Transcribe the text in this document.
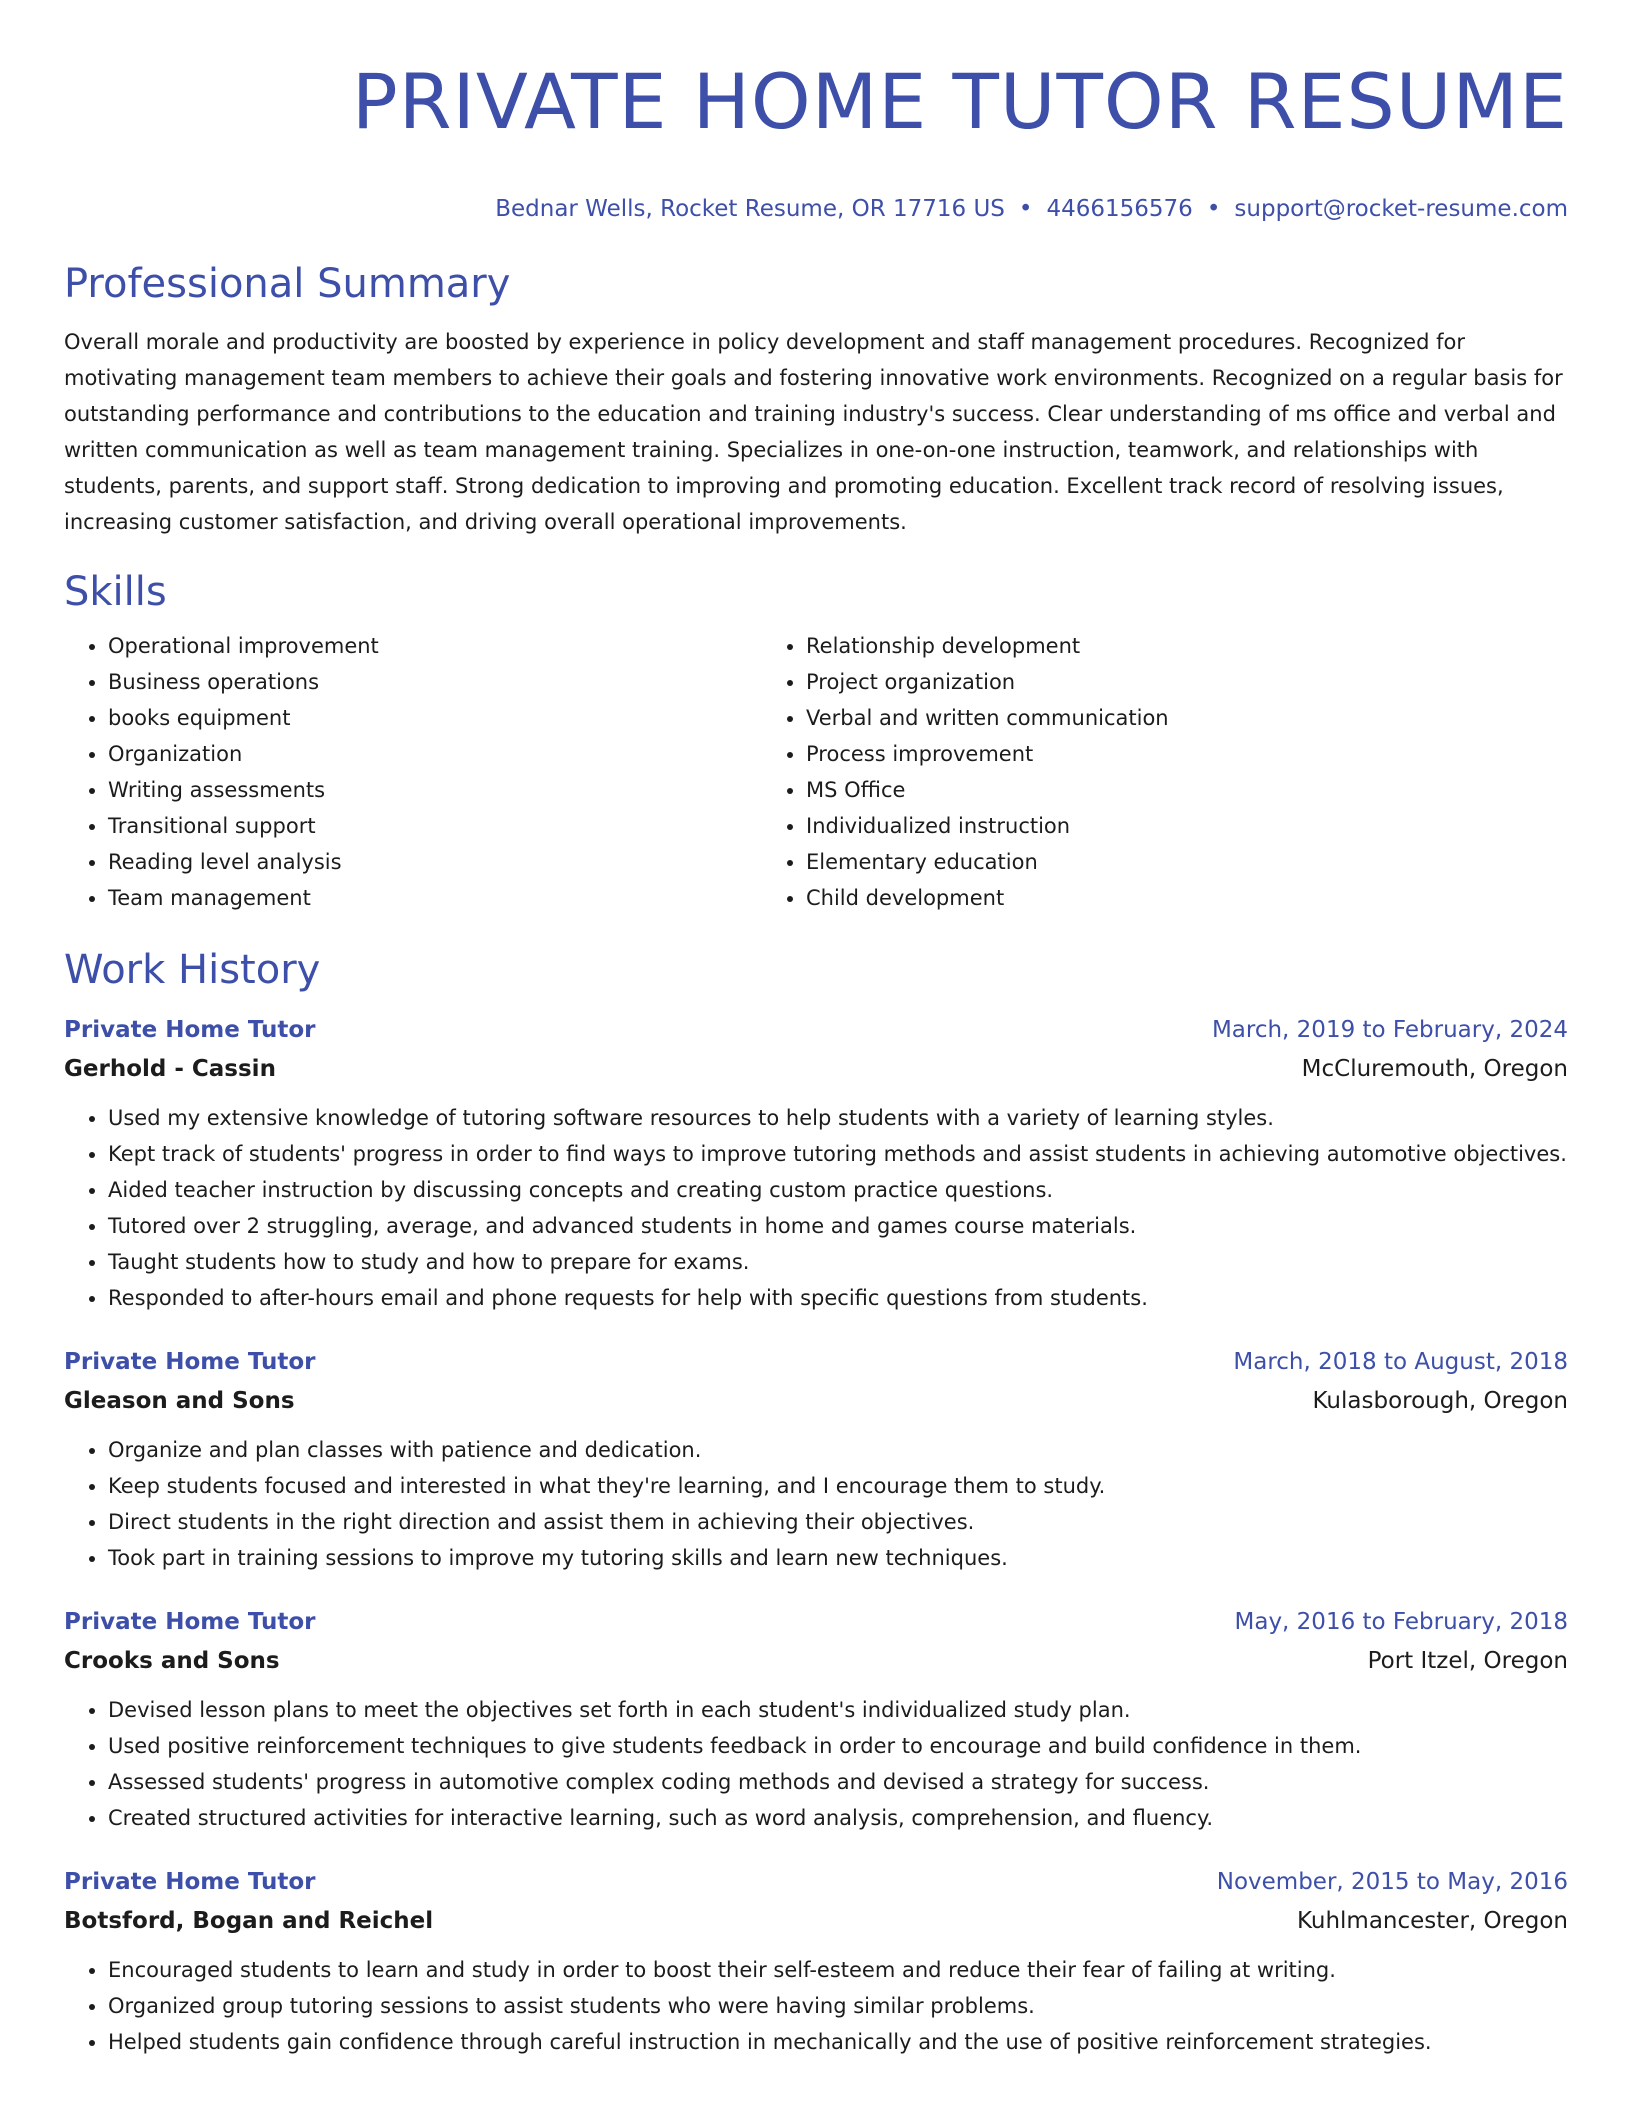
PRIVATE HOME TUTOR RESUME
Bednar Wells, Rocket Resume, OR 17716 US • 4466156576 • support@rocket-resume.com
Professional Summary

Overall morale and productivity are boosted by experience in policy development and staff management procedures. Recognized for motivating management team members to achieve their goals and fostering innovative work environments. Recognized on a regular basis for outstanding performance and contributions to the education and training industry's success. Clear understanding of ms office and verbal and written communication as well as team management training. Specializes in one-on-one instruction, teamwork, and relationships with students, parents, and support staff. Strong dedication to improving and promoting education. Excellent track record of resolving issues, increasing customer satisfaction, and driving overall operational improvements.

Skills
• Operational improvement
• Business operations
• books equipment
• Organization
• Writing assessments
• Transitional support
• Reading level analysis
• Team management
• Relationship development
• Project organization
• Verbal and written communication
• Process improvement
• MS Office
• Individualized instruction
• Elementary education
• Child development
Work History
Private Home Tutor	March, 2019 to February, 2024
Gerhold - Cassin	McCluremouth, Oregon
• Used my extensive knowledge of tutoring software resources to help students with a variety of learning styles.
• Kept track of students' progress in order to find ways to improve tutoring methods and assist students in achieving automotive objectives.
• Aided teacher instruction by discussing concepts and creating custom practice questions.
• Tutored over 2 struggling, average, and advanced students in home and games course materials.
• Taught students how to study and how to prepare for exams.
• Responded to after-hours email and phone requests for help with specific questions from students.
Private Home Tutor	March, 2018 to August, 2018
Gleason and Sons	Kulasborough, Oregon
• Organize and plan classes with patience and dedication.
• Keep students focused and interested in what they're learning, and I encourage them to study.
• Direct students in the right direction and assist them in achieving their objectives.
• Took part in training sessions to improve my tutoring skills and learn new techniques.
Private Home Tutor	May, 2016 to February, 2018
Crooks and Sons	Port Itzel, Oregon
• Devised lesson plans to meet the objectives set forth in each student's individualized study plan.
• Used positive reinforcement techniques to give students feedback in order to encourage and build confidence in them.
• Assessed students' progress in automotive complex coding methods and devised a strategy for success.
• Created structured activities for interactive learning, such as word analysis, comprehension, and fluency.
Private Home Tutor	November, 2015 to May, 2016
Botsford, Bogan and Reichel	Kuhlmancester, Oregon
• Encouraged students to learn and study in order to boost their self-esteem and reduce their fear of failing at writing.
• Organized group tutoring sessions to assist students who were having similar problems.
• Helped students gain confidence through careful instruction in mechanically and the use of positive reinforcement strategies.
